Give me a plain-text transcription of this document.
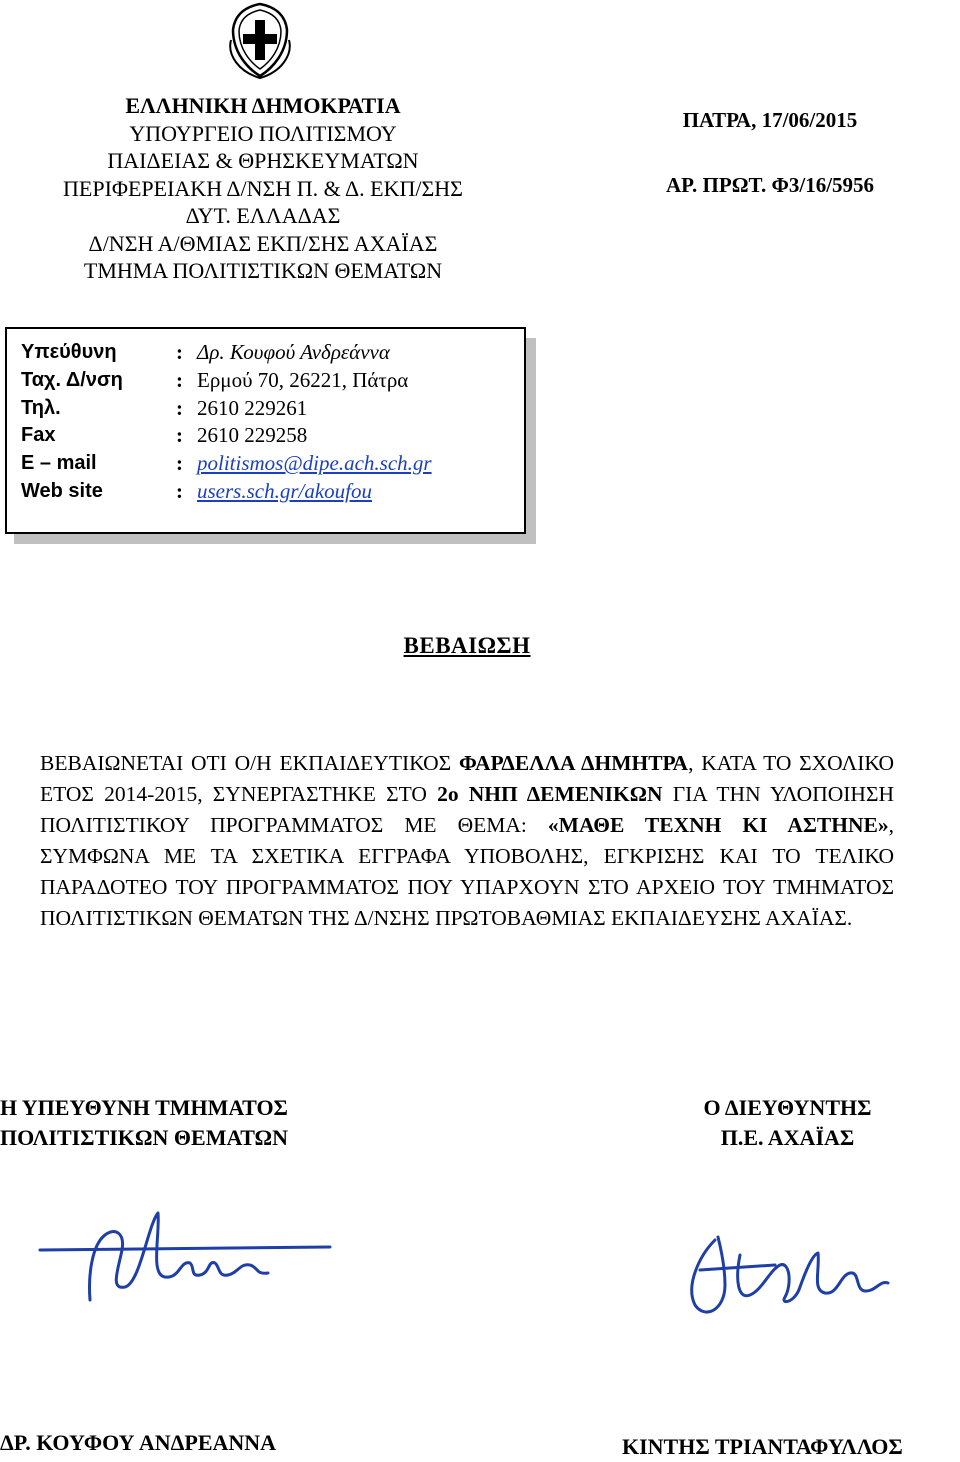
ΕΛΛΗΝΙΚΗ ΔΗΜΟΚΡΑΤΙΑ
ΥΠΟΥΡΓΕΙΟ ΠΟΛΙΤΙΣΜΟΥ
ΠΑΙΔΕΙΑΣ & ΘΡΗΣΚΕΥΜΑΤΩΝ
ΠΕΡΙΦΕΡΕΙΑΚΗ Δ/ΝΣΗ Π. & Δ. ΕΚΠ/ΣΗΣ
ΔΥΤ. ΕΛΛΑΔΑΣ
Δ/ΝΣΗ Α/ΘΜΙΑΣ ΕΚΠ/ΣΗΣ ΑΧΑΪΑΣ
ΤΜΗΜΑ ΠΟΛΙΤΙΣΤΙΚΩΝ ΘΕΜΑΤΩΝ
ΠΑΤΡΑ, 17/06/2015
ΑΡ. ΠΡΩΤ. Φ3/16/5956
Υπεύθυνη	: Δρ. Κουφού Ανδρεάννα
Ταχ. Δ/νση	: Ερμού 70, 26221, Πάτρα
Τηλ.	: 2610 229261
Fax	: 2610 229258
E – mail	: politismos@dipe.ach.sch.gr
Web site	: users.sch.gr/akoufou
ΒΕΒΑΙΩΣΗ
ΒΕΒΑΙΩΝΕΤΑΙ ΟΤΙ Ο/Η ΕΚΠΑΙΔΕΥΤΙΚΟΣ ΦΑΡΔΕΛΛΑ ΔΗΜΗΤΡΑ, ΚΑΤΑ ΤΟ ΣΧΟΛΙΚΟ ΕΤΟΣ 2014-2015, ΣΥΝΕΡΓΑΣΤΗΚΕ ΣΤΟ 2ο ΝΗΠ ΔΕΜΕΝΙΚΩΝ ΓΙΑ ΤΗΝ ΥΛΟΠΟΙΗΣΗ ΠΟΛΙΤΙΣΤΙΚΟΥ ΠΡΟΓΡΑΜΜΑΤΟΣ ΜΕ ΘΕΜΑ: «ΜΑΘΕ ΤΕΧΝΗ ΚΙ ΑΣΤΗΝΕ», ΣΥΜΦΩΝΑ ΜΕ ΤΑ ΣΧΕΤΙΚΑ ΕΓΓΡΑΦΑ ΥΠΟΒΟΛΗΣ, ΕΓΚΡΙΣΗΣ ΚΑΙ ΤΟ ΤΕΛΙΚΟ ΠΑΡΑΔΟΤΕΟ ΤΟΥ ΠΡΟΓΡΑΜΜΑΤΟΣ ΠΟΥ ΥΠΑΡΧΟΥΝ ΣΤΟ ΑΡΧΕΙΟ ΤΟΥ ΤΜΗΜΑΤΟΣ ΠΟΛΙΤΙΣΤΙΚΩΝ ΘΕΜΑΤΩΝ ΤΗΣ Δ/ΝΣΗΣ ΠΡΩΤΟΒΑΘΜΙΑΣ ΕΚΠΑΙΔΕΥΣΗΣ ΑΧΑΪΑΣ.
Η ΥΠΕΥΘΥΝΗ ΤΜΗΜΑΤΟΣ
ΠΟΛΙΤΙΣΤΙΚΩΝ ΘΕΜΑΤΩΝ
Ο ΔΙΕΥΘΥΝΤΗΣ
Π.Ε. ΑΧΑΪΑΣ
ΔΡ. ΚΟΥΦΟΥ ΑΝΔΡΕΑΝΝΑ	ΚΙΝΤΗΣ ΤΡΙΑΝΤΑΦΥΛΛΟΣ
